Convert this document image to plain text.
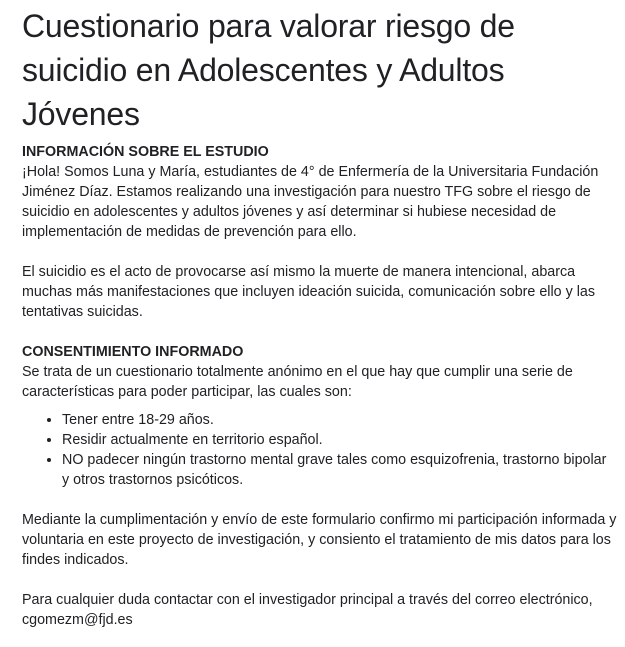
Cuestionario para valorar riesgo de suicidio en Adolescentes y Adultos Jóvenes
INFORMACIÓN SOBRE EL ESTUDIO
¡Hola! Somos Luna y María, estudiantes de 4° de Enfermería de la Universitaria Fundación Jiménez Díaz. Estamos realizando una investigación para nuestro TFG sobre el riesgo de suicidio en adolescentes y adultos jóvenes y así determinar si hubiese necesidad de implementación de medidas de prevención para ello.
El suicidio es el acto de provocarse así mismo la muerte de manera intencional, abarca muchas más manifestaciones que incluyen ideación suicida, comunicación sobre ello y las tentativas suicidas.
CONSENTIMIENTO INFORMADO
Se trata de un cuestionario totalmente anónimo en el que hay que cumplir una serie de características para poder participar, las cuales son:
• Tener entre 18-29 años.
• Residir actualmente en territorio español.
• NO padecer ningún trastorno mental grave tales como esquizofrenia, trastorno bipolar y otros trastornos psicóticos.
Mediante la cumplimentación y envío de este formulario confirmo mi participación informada y voluntaria en este proyecto de investigación, y consiento el tratamiento de mis datos para los findes indicados.
Para cualquier duda contactar con el investigador principal a través del correo electrónico, cgomezm@fjd.es
